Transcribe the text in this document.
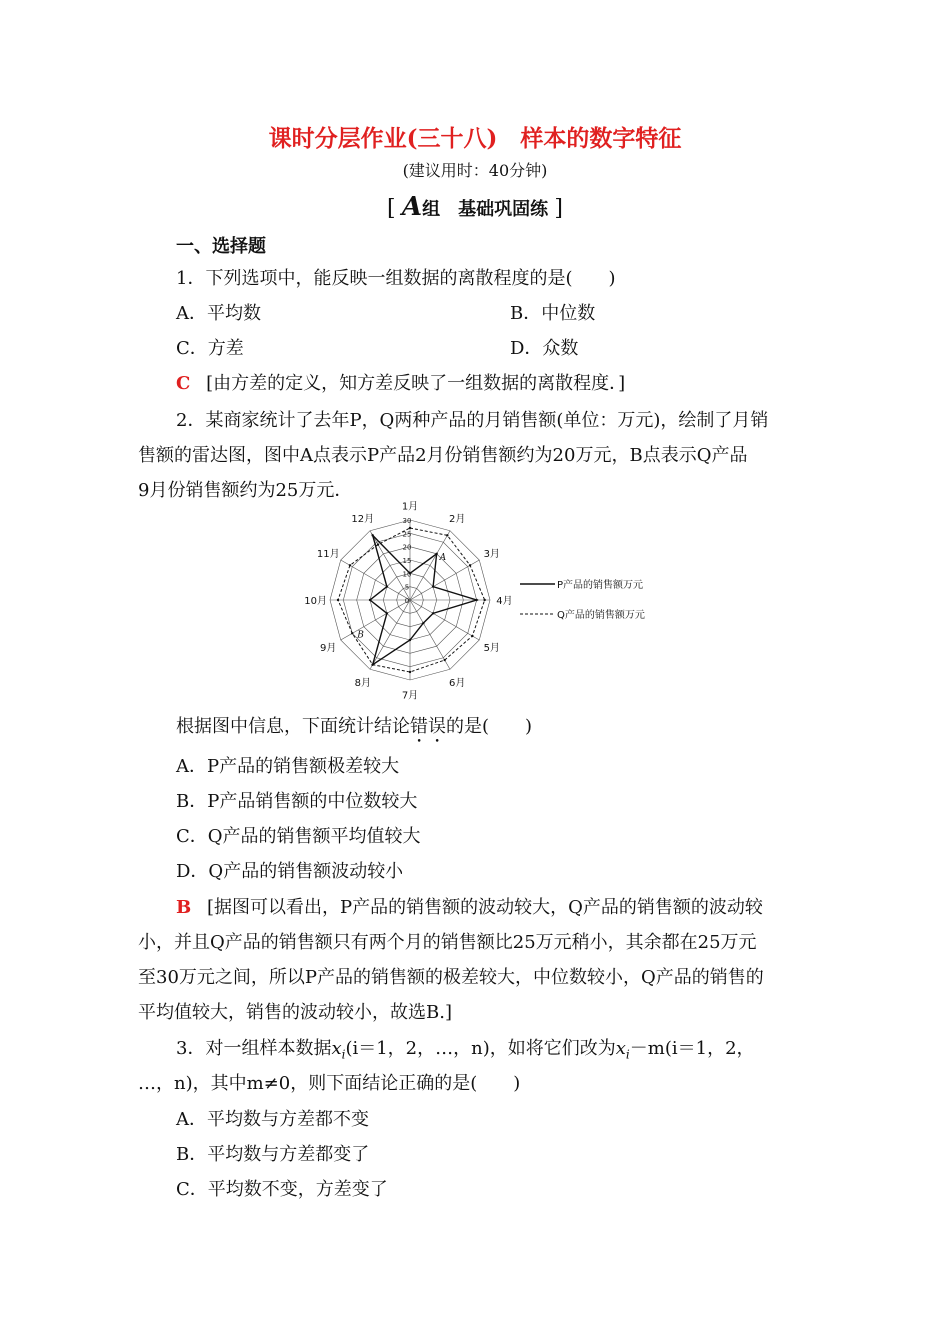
课时分层作业(三十八)　样本的数字特征
(建议用时：40分钟)
[ A组　基础巩固练 ]
一、选择题
1．下列选项中，能反映一组数据的离散程度的是(　　)
A．平均数	B．中位数
C．方差	D．众数
C [由方差的定义，知方差反映了一组数据的离散程度．]
2．某商家统计了去年P，Q两种产品的月销售额(单位：万元)，绘制了月销
售额的雷达图，图中A点表示P产品2月份销售额约为20万元，B点表示Q产品
9月份销售额约为25万元．
0
5
10
15
20
25
30
1月
2月
3月
4月
5月
6月
7月
8月
9月
10月
11月
12月
A
B
P产品的销售额万元
Q产品的销售额万元
根据图中信息，下面统计结论错误的是(　　)
A．P产品的销售额极差较大
B．P产品销售额的中位数较大
C．Q产品的销售额平均值较大
D．Q产品的销售额波动较小
B [据图可以看出，P产品的销售额的波动较大，Q产品的销售额的波动较
小，并且Q产品的销售额只有两个月的销售额比25万元稍小，其余都在25万元
至30万元之间，所以P产品的销售额的极差较大，中位数较小，Q产品的销售的
平均值较大，销售的波动较小，故选B.]
3．对一组样本数据$x_i(i=1$，2，…，n)，如将它们改为$x_i-m(i=1$，2，
…，n)，其中m≠0，则下面结论正确的是(　　)
A．平均数与方差都不变
B．平均数与方差都变了
C．平均数不变，方差变了
